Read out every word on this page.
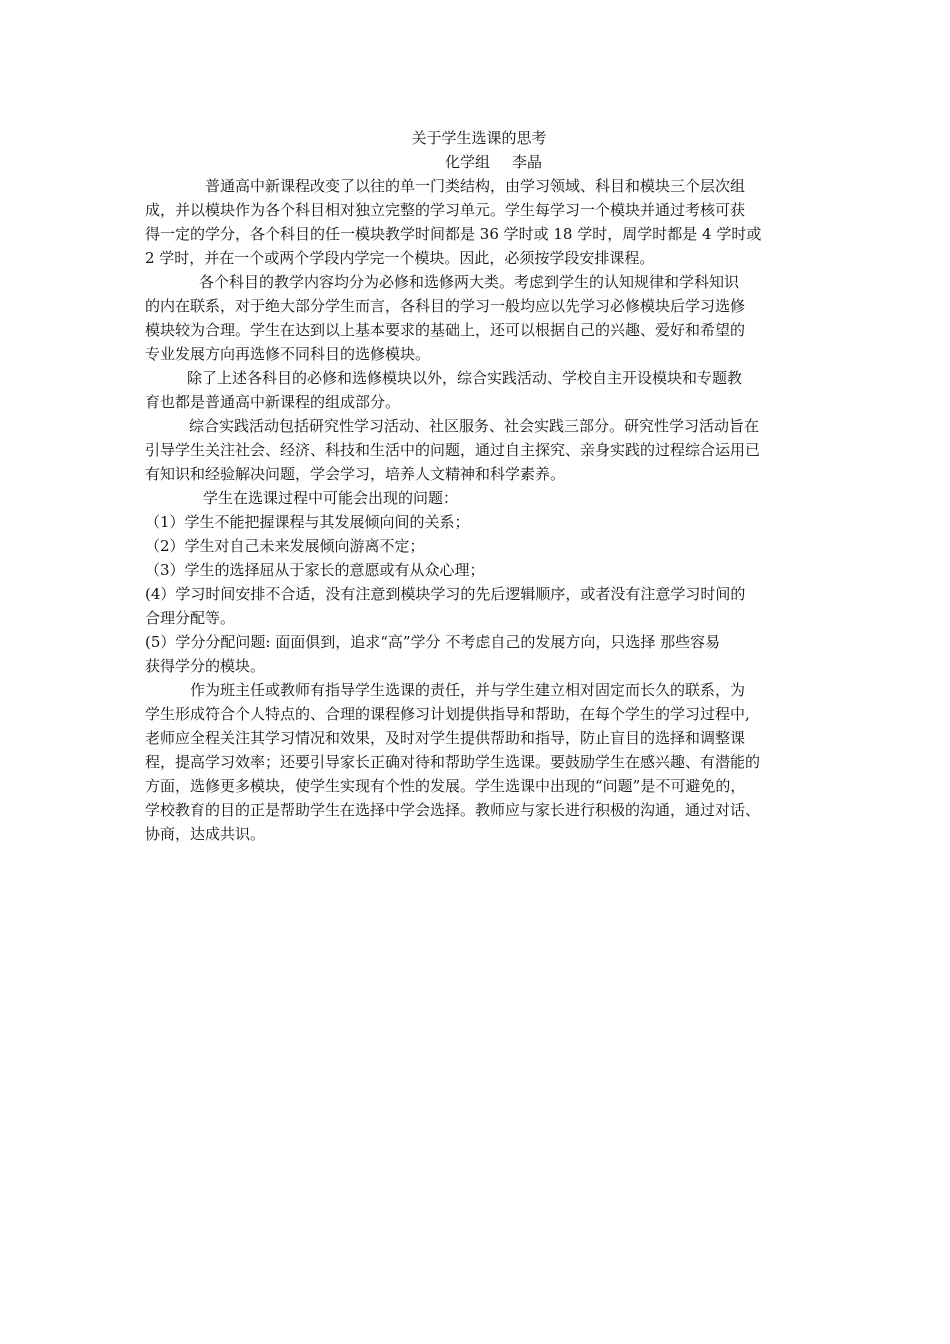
关于学生选课的思考

化学组 李晶

普通高中新课程改变了以往的单一门类结构，由学习领域、科目和模块三个层次组

成，并以模块作为各个科目相对独立完整的学习单元。学生每学习一个模块并通过考核可获

得一定的学分，各个科目的任一模块教学时间都是 36 学时或 18 学时，周学时都是 4 学时或

2 学时，并在一个或两个学段内学完一个模块。因此，必须按学段安排课程。

各个科目的教学内容均分为必修和选修两大类。考虑到学生的认知规律和学科知识

的内在联系，对于绝大部分学生而言，各科目的学习一般均应以先学习必修模块后学习选修

模块较为合理。学生在达到以上基本要求的基础上，还可以根据自己的兴趣、爱好和希望的

专业发展方向再选修不同科目的选修模块。

除了上述各科目的必修和选修模块以外，综合实践活动、学校自主开设模块和专题教

育也都是普通高中新课程的组成部分。

综合实践活动包括研究性学习活动、社区服务、社会实践三部分。研究性学习活动旨在

引导学生关注社会、经济、科技和生活中的问题，通过自主探究、亲身实践的过程综合运用已

有知识和经验解决问题，学会学习，培养人文精神和科学素养。

学生在选课过程中可能会出现的问题：

（1）学生不能把握课程与其发展倾向间的关系；

（2）学生对自己未来发展倾向游离不定；

（3）学生的选择屈从于家长的意愿或有从众心理；

(4）学习时间安排不合适，没有注意到模块学习的先后逻辑顺序，或者没有注意学习时间的

合理分配等。

(5）学分分配问题: 面面俱到，追求“高”学分 不考虑自己的发展方向，只选择 那些容易

获得学分的模块。

作为班主任或教师有指导学生选课的责任，并与学生建立相对固定而长久的联系，为

学生形成符合个人特点的、合理的课程修习计划提供指导和帮助，在每个学生的学习过程中,

老师应全程关注其学习情况和效果，及时对学生提供帮助和指导，防止盲目的选择和调整课

程，提高学习效率；还要引导家长正确对待和帮助学生选课。要鼓励学生在感兴趣、有潜能的

方面，选修更多模块，使学生实现有个性的发展。学生选课中出现的“问题”是不可避免的，

学校教育的目的正是帮助学生在选择中学会选择。教师应与家长进行积极的沟通，通过对话、

协商，达成共识。
